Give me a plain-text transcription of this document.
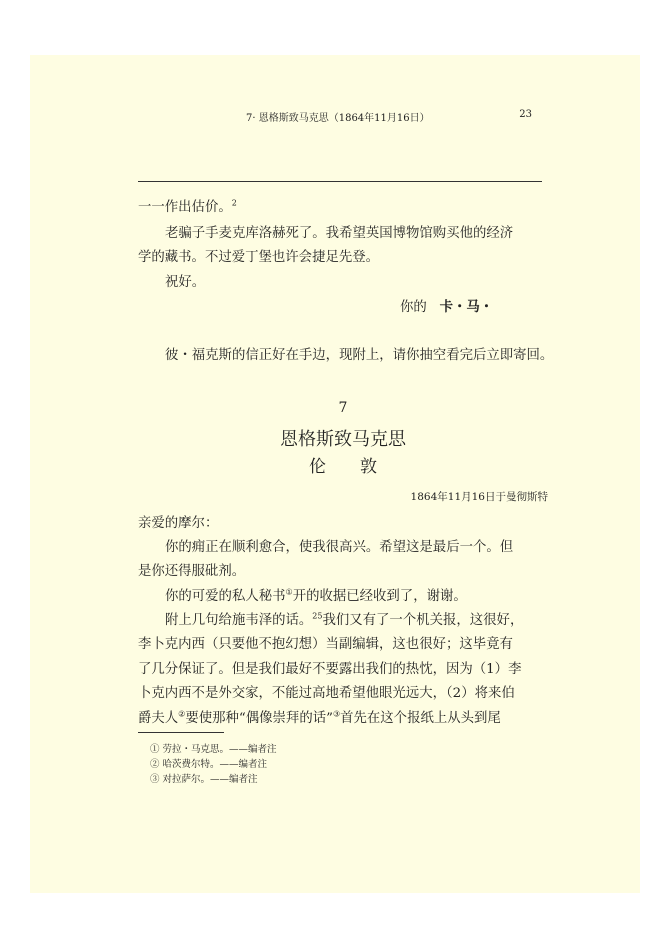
7· 恩格斯致马克思（1864年11月16日）	23
一一作出估价。$^2$
老骗子手麦克库洛赫死了。我希望英国博物馆购买他的经济
学的藏书。不过爱丁堡也许会捷足先登。
祝好。
你的 卡・马・
彼・福克斯的信正好在手边，现附上，请你抽空看完后立即寄回。
7
恩格斯致马克思
伦　　敦
1864年11月16日于曼彻斯特
亲爱的摩尔：
你的痈正在顺利愈合，使我很高兴。希望这是最后一个。但
是你还得服砒剂。
你的可爱的私人秘书①开的收据已经收到了，谢谢。
附上几句给施韦泽的话。$^{25}$我们又有了一个机关报，这很好，
李卜克内西（只要他不抱幻想）当副编辑，这也很好；这毕竟有
了几分保证了。但是我们最好不要露出我们的热忱，因为（1）李
卜克内西不是外交家，不能过高地希望他眼光远大，（2）将来伯
爵夫人②要使那种“偶像崇拜的话”③首先在这个报纸上从头到尾
① 劳拉・马克思。——编者注
② 哈茨费尔特。——编者注
③ 对拉萨尔。——编者注
